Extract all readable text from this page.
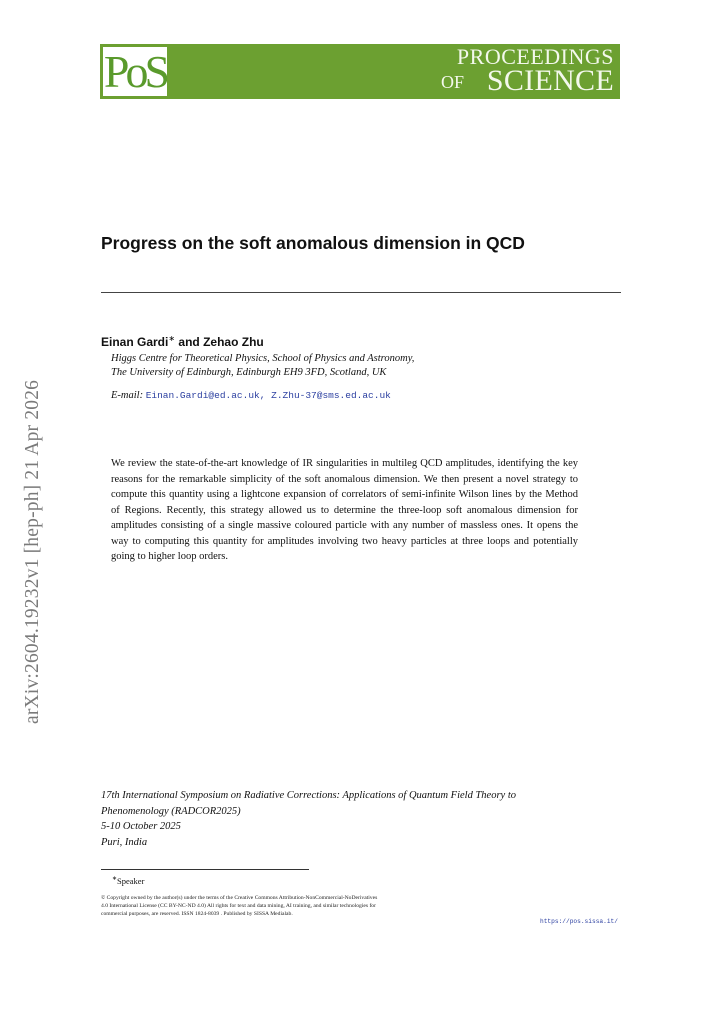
PoS	PROCEEDINGS
OF SCIENCE
arXiv:2604.19232v1 [hep-ph] 21 Apr 2026
Progress on the soft anomalous dimension in QCD
Einan Gardi∗ and Zehao Zhu
Higgs Centre for Theoretical Physics, School of Physics and Astronomy,
The University of Edinburgh, Edinburgh EH9 3FD, Scotland, UK
E-mail: Einan.Gardi@ed.ac.uk, Z.Zhu-37@sms.ed.ac.uk
We review the state-of-the-art knowledge of IR singularities in multileg QCD amplitudes, identifying the key reasons for the remarkable simplicity of the soft anomalous dimension. We then present a novel strategy to compute this quantity using a lightcone expansion of correlators of semi-infinite Wilson lines by the Method of Regions. Recently, this strategy allowed us to determine the three-loop soft anomalous dimension for amplitudes consisting of a single massive coloured particle with any number of massless ones. It opens the way to computing this quantity for amplitudes involving two heavy particles at three loops and potentially going to higher loop orders.
17th International Symposium on Radiative Corrections: Applications of Quantum Field Theory to
Phenomenology (RADCOR2025)
5-10 October 2025
Puri, India
∗Speaker
© Copyright owned by the author(s) under the terms of the Creative Commons Attribution-NonCommercial-NoDerivatives
4.0 International License (CC BY-NC-ND 4.0) All rights for text and data mining, AI training, and similar technologies for
commercial purposes, are reserved. ISSN 1824-8039 . Published by SISSA Medialab.
https://pos.sissa.it/
